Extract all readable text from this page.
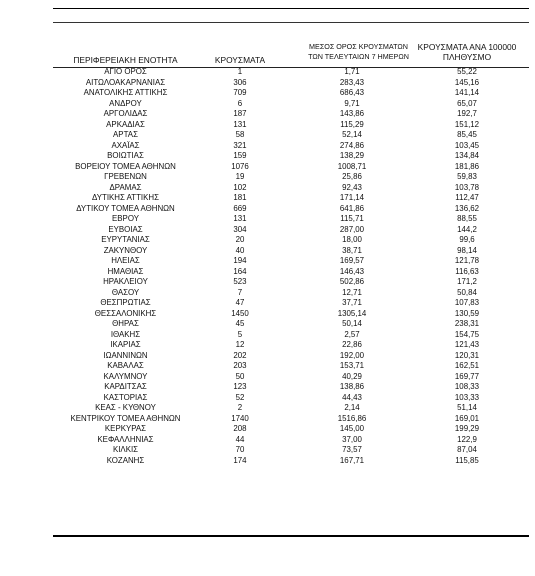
ΠΕΡΙΦΕΡΕΙΑΚΗ ΕΝΟΤΗΤΑ	ΚΡΟΥΣΜΑΤΑ
ΜΕΣΟΣ ΟΡΟΣ ΚΡΟΥΣΜΑΤΩΝ
ΤΩΝ ΤΕΛΕΥΤΑΙΩΝ 7 ΗΜΕΡΩΝ
ΚΡΟΥΣΜΑΤΑ ΑΝΑ 100000
ΠΛΗΘΥΣΜΟ
ΑΓΙΟ ΟΡΟΣ	1	1,71	55,22
ΑΙΤΩΛΟΑΚΑΡΝΑΝΙΑΣ	306	283,43	145,16
ΑΝΑΤΟΛΙΚΗΣ ΑΤΤΙΚΗΣ	709	686,43	141,14
ΑΝΔΡΟΥ	6	9,71	65,07
ΑΡΓΟΛΙΔΑΣ	187	143,86	192,7
ΑΡΚΑΔΙΑΣ	131	115,29	151,12
ΑΡΤΑΣ	58	52,14	85,45
ΑΧΑΪΑΣ	321	274,86	103,45
ΒΟΙΩΤΙΑΣ	159	138,29	134,84
ΒΟΡΕΙΟΥ ΤΟΜΕΑ ΑΘΗΝΩΝ	1076	1008,71	181,86
ΓΡΕΒΕΝΩΝ	19	25,86	59,83
ΔΡΑΜΑΣ	102	92,43	103,78
ΔΥΤΙΚΗΣ ΑΤΤΙΚΗΣ	181	171,14	112,47
ΔΥΤΙΚΟΥ ΤΟΜΕΑ ΑΘΗΝΩΝ	669	641,86	136,62
ΕΒΡΟΥ	131	115,71	88,55
ΕΥΒΟΙΑΣ	304	287,00	144,2
ΕΥΡΥΤΑΝΙΑΣ	20	18,00	99,6
ΖΑΚΥΝΘΟΥ	40	38,71	98,14
ΗΛΕΙΑΣ	194	169,57	121,78
ΗΜΑΘΙΑΣ	164	146,43	116,63
ΗΡΑΚΛΕΙΟΥ	523	502,86	171,2
ΘΑΣΟΥ	7	12,71	50,84
ΘΕΣΠΡΩΤΙΑΣ	47	37,71	107,83
ΘΕΣΣΑΛΟΝΙΚΗΣ	1450	1305,14	130,59
ΘΗΡΑΣ	45	50,14	238,31
ΙΘΑΚΗΣ	5	2,57	154,75
ΙΚΑΡΙΑΣ	12	22,86	121,43
ΙΩΑΝΝΙΝΩΝ	202	192,00	120,31
ΚΑΒΑΛΑΣ	203	153,71	162,51
ΚΑΛΥΜΝΟΥ	50	40,29	169,77
ΚΑΡΔΙΤΣΑΣ	123	138,86	108,33
ΚΑΣΤΟΡΙΑΣ	52	44,43	103,33
ΚΕΑΣ - ΚΥΘΝΟΥ	2	2,14	51,14
ΚΕΝΤΡΙΚΟΥ ΤΟΜΕΑ ΑΘΗΝΩΝ	1740	1516,86	169,01
ΚΕΡΚΥΡΑΣ	208	145,00	199,29
ΚΕΦΑΛΛΗΝΙΑΣ	44	37,00	122,9
ΚΙΛΚΙΣ	70	73,57	87,04
ΚΟΖΑΝΗΣ	174	167,71	115,85
